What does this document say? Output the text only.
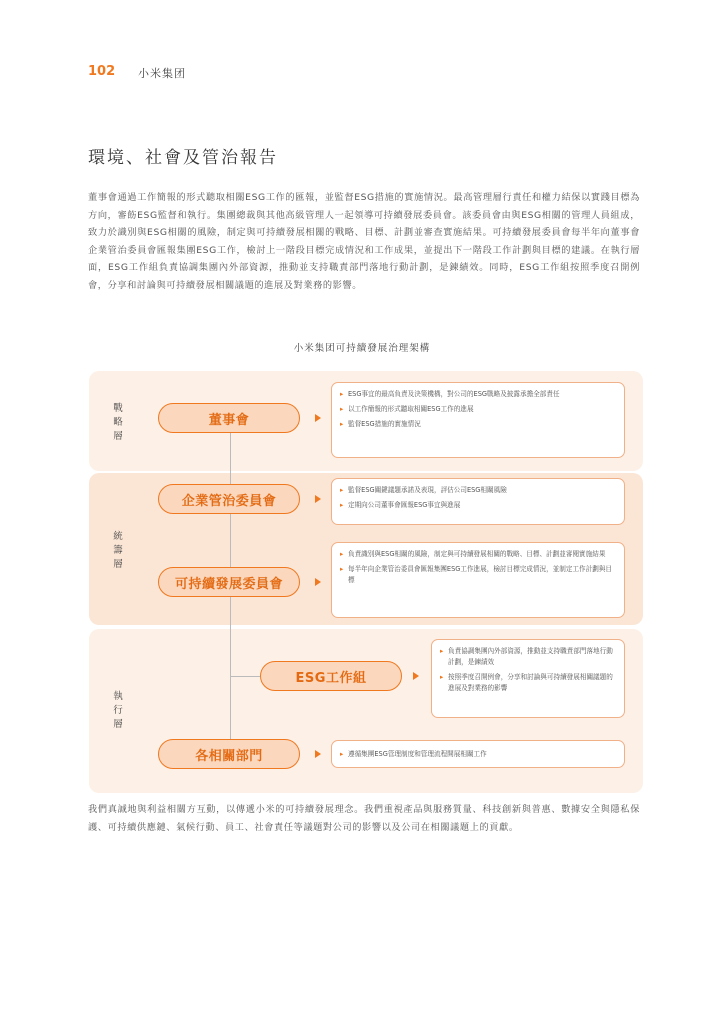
102 小米集团
環境、社會及管治報告
董事會通過工作簡報的形式聽取相關ESG工作的匯報，並監督ESG措施的實施情況。最高管理層行責任和權力結保以實踐目標為方向，審飭ESG監督和執行。集團總裁與其他高級管理人一起領導可持續發展委員會。該委員會由與ESG相關的管理人員組成，致力於識別與ESG相關的風險，制定與可持續發展相關的戰略、目標、計劃並審查實施結果。可持續發展委員會每半年向董事會企業管治委員會匯報集團ESG工作，檢討上一階段目標完成情況和工作成果，並提出下一階段工作計劃與目標的建議。在執行層面，ESG工作組負責協調集團內外部資源，推動並支持職責部門落地行動計劃，是鍊績效。同時，ESG工作組按照季度召開例會，分享和討論與可持續發展相關議題的進展及對業務的影響。
小米集团可持續發展治理架構
戰略層
統籌層
執行層
董事會
企業管治委員會
可持續發展委員會
ESG工作組
各相關部門
▸ ESG事宜的最高負責及決策機構，對公司的ESG戰略及披露承擔全部責任
▸ 以工作簡報的形式聽取相關ESG工作的進展
▸ 監督ESG措施的實施情況
▸ 監督ESG關鍵議題承諾及表現，評估公司ESG相關風險
▸ 定期向公司董事會匯報ESG事宜與進展
▸ 負責識別與ESG相關的風險，制定與可持續發展相關的戰略、目標、計劃並審閱實施結果
▸ 每半年向企業管治委員會匯報集團ESG工作進展，檢討目標完成情況，並制定工作計劃與目標
▸ 負責協調集團內外部資源，推動並支持職責部門落地行動計劃，是鍊績效
▸ 按照季度召開例會，分享和討論與可持續發展相關議題的進展及對業務的影響
▸ 遵循集團ESG管理制度和管理流程開展相關工作
我們真誠地與利益相關方互動，以傳遞小米的可持續發展理念。我們重視產品與服務質量、科技創新與普惠、數據安全與隱私保護、可持續供應鏈、氣候行動、員工、社會責任等議題對公司的影響以及公司在相關議題上的貢獻。
